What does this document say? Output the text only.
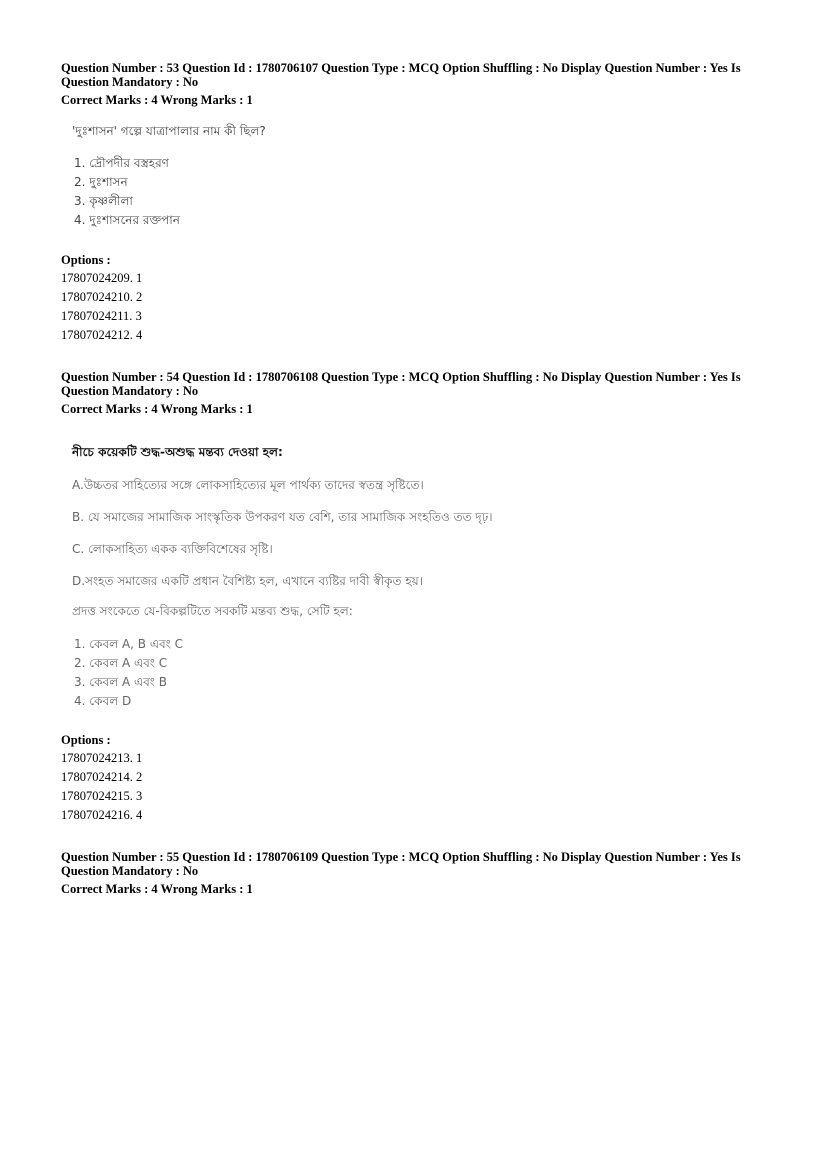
Question Number : 53 Question Id : 1780706107 Question Type : MCQ Option Shuffling : No Display Question Number : Yes Is
Question Mandatory : No
Correct Marks : 4 Wrong Marks : 1
'দুঃশাসন' গল্পে যাত্রাপালার নাম কী ছিল?
1. দ্রৌপদীর বস্ত্রহরণ
2. দুঃশাসন
3. কৃষ্ণলীলা
4. দুঃশাসনের রক্তপান
Options :
17807024209. 1
17807024210. 2
17807024211. 3
17807024212. 4
Question Number : 54 Question Id : 1780706108 Question Type : MCQ Option Shuffling : No Display Question Number : Yes Is
Question Mandatory : No
Correct Marks : 4 Wrong Marks : 1
নীচে কয়েকটি শুদ্ধ-অশুদ্ধ মন্তব্য দেওয়া হল:
A.উচ্চতর সাহিত্যের সঙ্গে লোকসাহিত্যের মূল পার্থক্য তাদের স্বতন্ত্র সৃষ্টিতে।
B. যে সমাজের সামাজিক সাংস্কৃতিক উপকরণ যত বেশি, তার সামাজিক সংহতিও তত দৃঢ়।
C. লোকসাহিত্য একক ব্যক্তিবিশেষের সৃষ্টি।
D.সংহত সমাজের একটি প্রধান বৈশিষ্ট্য হল, এখানে ব্যষ্টির দাবী স্বীকৃত হয়।
প্রদত্ত সংকেতে যে-বিকল্পটিতে সবকটি মন্তব্য শুদ্ধ, সেটি হল:
1. কেবল A, B এবং C
2. কেবল A এবং C
3. কেবল A এবং B
4. কেবল D
Options :
17807024213. 1
17807024214. 2
17807024215. 3
17807024216. 4
Question Number : 55 Question Id : 1780706109 Question Type : MCQ Option Shuffling : No Display Question Number : Yes Is
Question Mandatory : No
Correct Marks : 4 Wrong Marks : 1
